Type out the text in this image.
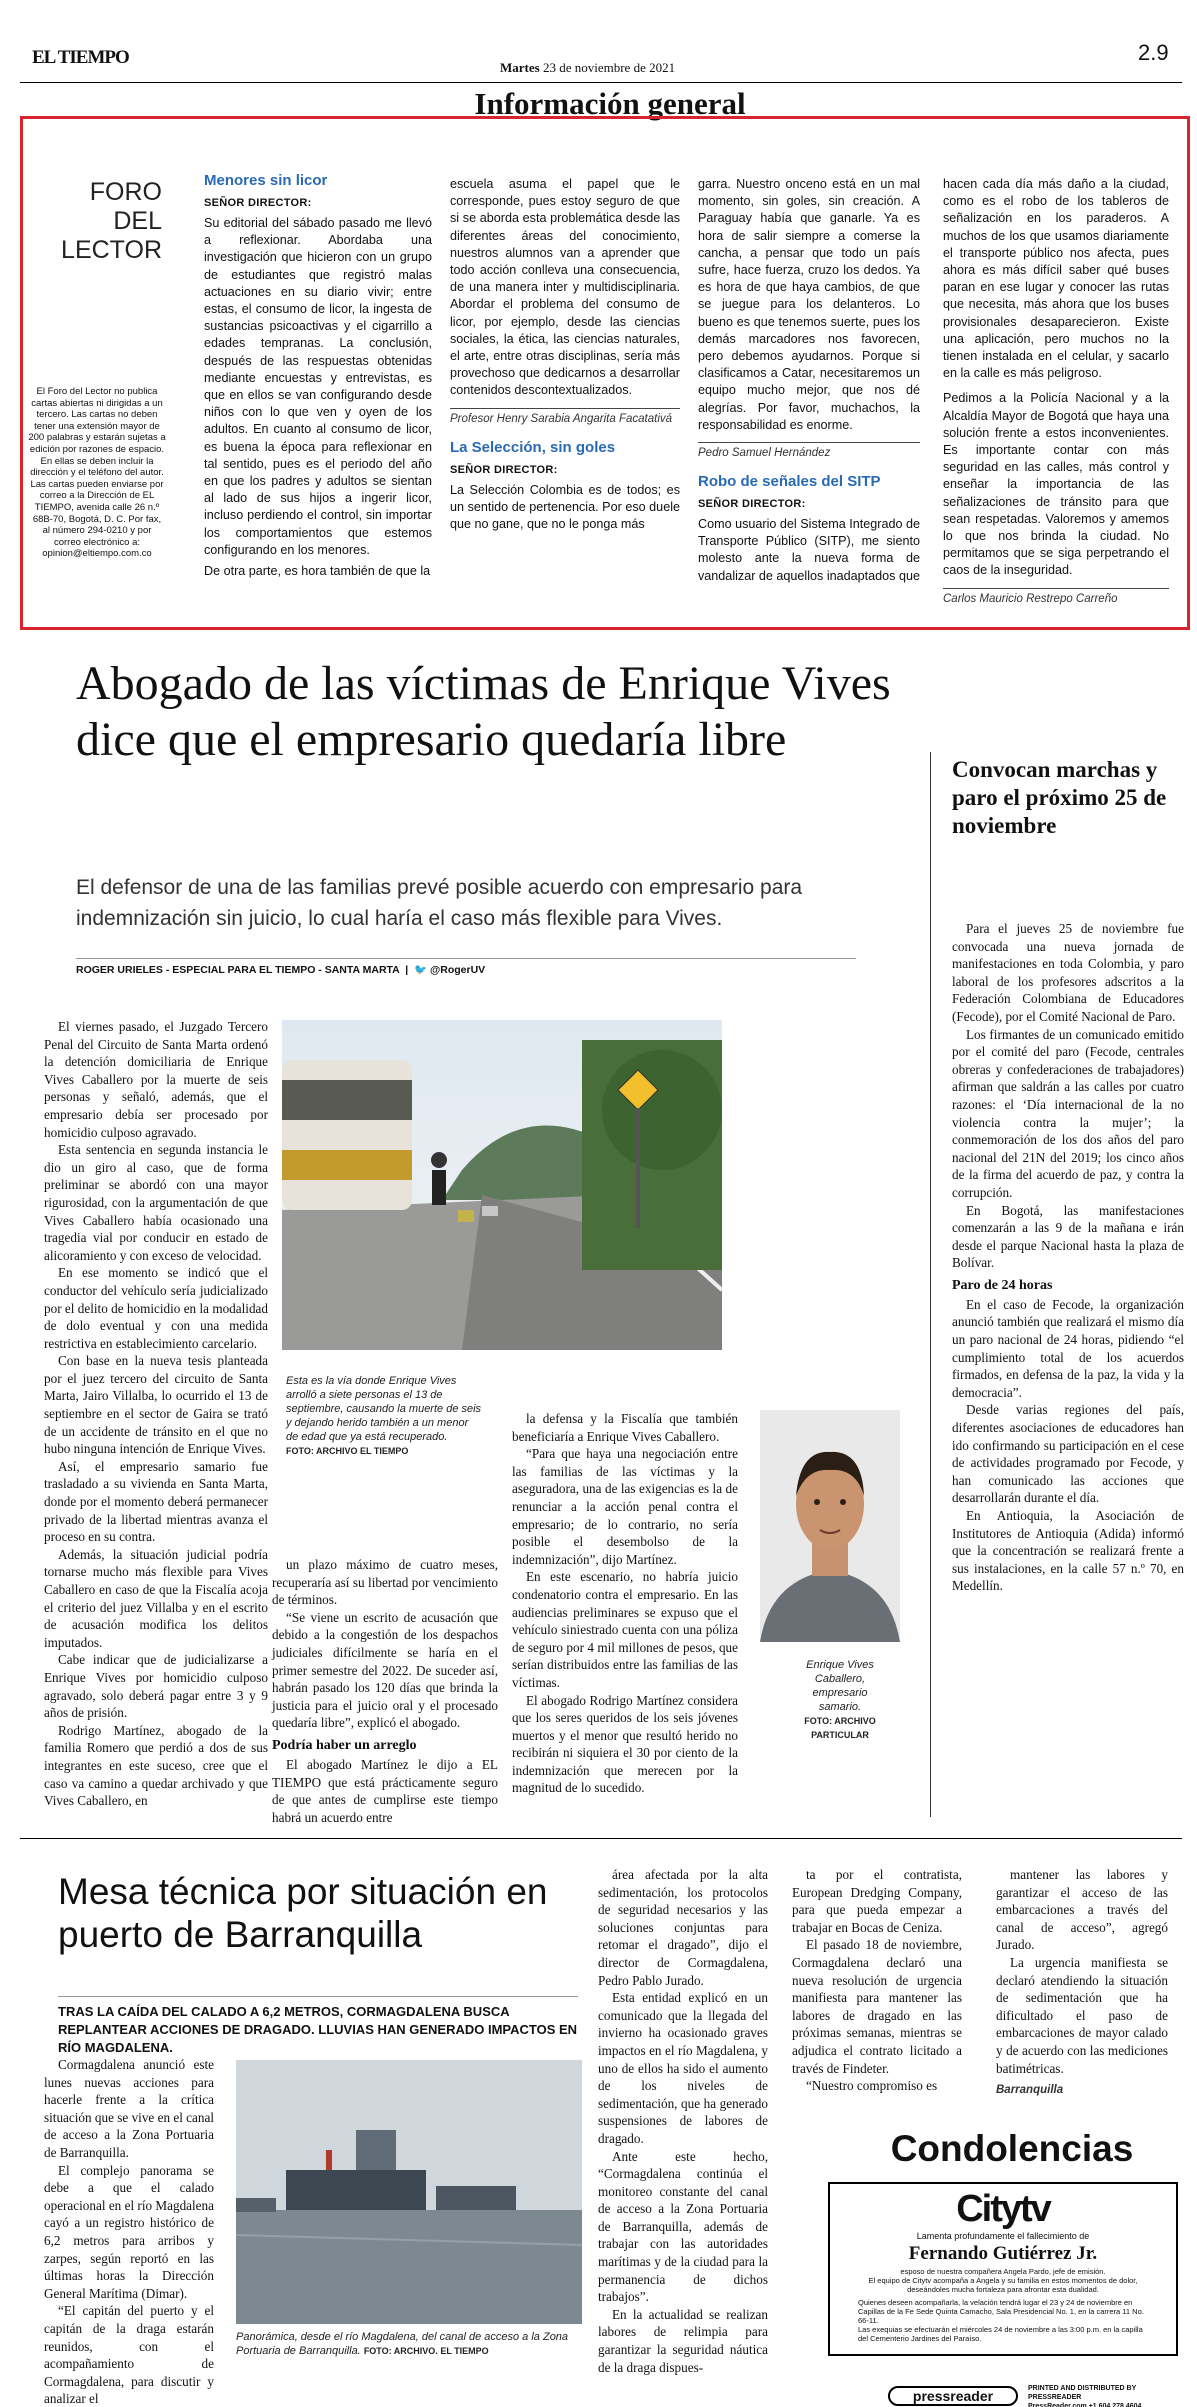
EL TIEMPO	Martes 23 de noviembre de 2021
2.9
Información general
FORO DEL
LECTOR
El Foro del Lector no publica cartas abiertas ni dirigidas a un tercero. Las cartas no deben tener una extensión mayor de 200 palabras y estarán sujetas a edición por razones de espacio. En ellas se deben incluir la dirección y el teléfono del autor. Las cartas pueden enviarse por correo a la Dirección de EL TIEMPO, avenida calle 26 n.º 68B-70, Bogotá, D. C. Por fax, al número 294-0210 y por correo electrónico a: opinion@eltiempo.com.co
Menores sin licor
SEÑOR DIRECTOR:

Su editorial del sábado pasado me llevó a reflexionar. Abordaba una investigación que hicieron con un grupo de estudiantes que registró malas actuaciones en su diario vivir; entre estas, el consumo de licor, la ingesta de sustancias psicoactivas y el cigarrillo a edades tempranas. La conclusión, después de las respuestas obtenidas mediante encuestas y entrevistas, es que en ellos se van configurando desde niños con lo que ven y oyen de los adultos. En cuanto al consumo de licor, es buena la época para reflexionar en tal sentido, pues es el periodo del año en que los padres y adultos se sientan al lado de sus hijos a ingerir licor, incluso perdiendo el control, sin importar los comportamientos que estemos configurando en los menores.

De otra parte, es hora también de que la

escuela asuma el papel que le corresponde, pues estoy seguro de que si se aborda esta problemática desde las diferentes áreas del conocimiento, nuestros alumnos van a aprender que todo acción conlleva una consecuencia, de una manera inter y multidisciplinaria. Abordar el problema del consumo de licor, por ejemplo, desde las ciencias sociales, la ética, las ciencias naturales, el arte, entre otras disciplinas, sería más provechoso que dedicarnos a desarrollar contenidos descontextualizados.

Profesor Henry Sarabia Angarita Facatativá
La Selección, sin goles
SEÑOR DIRECTOR:

La Selección Colombia es de todos; es un sentido de pertenencia. Por eso duele que no gane, que no le ponga más

garra. Nuestro onceno está en un mal momento, sin goles, sin creación. A Paraguay había que ganarle. Ya es hora de salir siempre a comerse la cancha, a pensar que todo un país sufre, hace fuerza, cruzo los dedos. Ya es hora de que haya cambios, de que se juegue para los delanteros. Lo bueno es que tenemos suerte, pues los demás marcadores nos favorecen, pero debemos ayudarnos. Porque si clasificamos a Catar, necesitaremos un equipo mucho mejor, que nos dé alegrías. Por favor, muchachos, la responsabilidad es enorme.

Pedro Samuel Hernández
Robo de señales del SITP
SEÑOR DIRECTOR:

Como usuario del Sistema Integrado de Transporte Público (SITP), me siento molesto ante la nueva forma de vandalizar de aquellos inadaptados que

hacen cada día más daño a la ciudad, como es el robo de los tableros de señalización en los paraderos. A muchos de los que usamos diariamente el transporte público nos afecta, pues ahora es más difícil saber qué buses paran en ese lugar y conocer las rutas que necesita, más ahora que los buses provisionales desaparecieron. Existe una aplicación, pero muchos no la tienen instalada en el celular, y sacarlo en la calle es más peligroso.

Pedimos a la Policía Nacional y a la Alcaldía Mayor de Bogotá que haya una solución frente a estos inconvenientes. Es importante contar con más seguridad en las calles, más control y enseñar la importancia de las señalizaciones de tránsito para que sean respetadas. Valoremos y amemos lo que nos brinda la ciudad. No permitamos que se siga perpetrando el caos de la inseguridad.

Carlos Mauricio Restrepo Carreño
Abogado de las víctimas de Enrique Vives dice que el empresario quedaría libre
El defensor de una de las familias prevé posible acuerdo con empresario para indemnización sin juicio, lo cual haría el caso más flexible para Vives.
ROGER URIELES - ESPECIAL PARA EL TIEMPO - SANTA MARTA  |  🐦 @RogerUV

El viernes pasado, el Juzgado Tercero Penal del Circuito de Santa Marta ordenó la detención domiciliaria de Enrique Vives Caballero por la muerte de seis personas y señaló, además, que el empresario debía ser procesado por homicidio culposo agravado.

Esta sentencia en segunda instancia le dio un giro al caso, que de forma preliminar se abordó con una mayor rigurosidad, con la argumentación de que Vives Caballero había ocasionado una tragedia vial por conducir en estado de alicoramiento y con exceso de velocidad.

En ese momento se indicó que el conductor del vehículo sería judicializado por el delito de homicidio en la modalidad de dolo eventual y con una medida restrictiva en establecimiento carcelario.

Con base en la nueva tesis planteada por el juez tercero del circuito de Santa Marta, Jairo Villalba, lo ocurrido el 13 de septiembre en el sector de Gaira se trató de un accidente de tránsito en el que no hubo ninguna intención de Enrique Vives.

Así, el empresario samario fue trasladado a su vivienda en Santa Marta, donde por el momento deberá permanecer privado de la libertad mientras avanza el proceso en su contra.

Además, la situación judicial podría tornarse mucho más flexible para Vives Caballero en caso de que la Fiscalía acoja el criterio del juez Villalba y en el escrito de acusación modifica los delitos imputados.

Cabe indicar que de judicializarse a Enrique Vives por homicidio culposo agravado, solo deberá pagar entre 3 y 9 años de prisión.

Rodrigo Martínez, abogado de la familia Romero que perdió a dos de sus integrantes en este suceso, cree que el caso va camino a quedar archivado y que Vives Caballero, en

Esta es la vía donde Enrique Vives arrolló a siete personas el 13 de septiembre, causando la muerte de seis y dejando herido también a un menor de edad que ya está recuperado.
FOTO: ARCHIVO EL TIEMPO

un plazo máximo de cuatro meses, recuperaría así su libertad por vencimiento de términos.

“Se viene un escrito de acusación que debido a la congestión de los despachos judiciales difícilmente se haría en el primer semestre del 2022. De suceder así, habrán pasado los 120 días que brinda la justicia para el juicio oral y el procesado quedaría libre”, explicó el abogado.

Podría haber un arreglo

El abogado Martínez le dijo a EL TIEMPO que está prácticamente seguro de que antes de cumplirse este tiempo habrá un acuerdo entre

la defensa y la Fiscalía que también beneficiaría a Enrique Vives Caballero.

“Para que haya una negociación entre las familias de las víctimas y la aseguradora, una de las exigencias es la de renunciar a la acción penal contra el empresario; de lo contrario, no sería posible el desembolso de la indemnización”, dijo Martínez.

En este escenario, no habría juicio condenatorio contra el empresario. En las audiencias preliminares se expuso que el vehículo siniestrado cuenta con una póliza de seguro por 4 mil millones de pesos, que serían distribuidos entre las familias de las víctimas.

El abogado Rodrigo Martínez considera que los seres queridos de los seis jóvenes muertos y el menor que resultó herido no recibirán ni siquiera el 30 por ciento de la indemnización que merecen por la magnitud de lo sucedido.

Enrique Vives Caballero, empresario samario.
FOTO: ARCHIVO PARTICULAR
Convocan marchas y paro el próximo 25 de noviembre

Para el jueves 25 de noviembre fue convocada una nueva jornada de manifestaciones en toda Colombia, y paro laboral de los profesores adscritos a la Federación Colombiana de Educadores (Fecode), por el Comité Nacional de Paro.

Los firmantes de un comunicado emitido por el comité del paro (Fecode, centrales obreras y confederaciones de trabajadores) afirman que saldrán a las calles por cuatro razones: el ‘Día internacional de la no violencia contra la mujer’; la conmemoración de los dos años del paro nacional del 21N del 2019; los cinco años de la firma del acuerdo de paz, y contra la corrupción.

En Bogotá, las manifestaciones comenzarán a las 9 de la mañana e irán desde el parque Nacional hasta la plaza de Bolívar.

Paro de 24 horas

En el caso de Fecode, la organización anunció también que realizará el mismo día un paro nacional de 24 horas, pidiendo “el cumplimiento total de los acuerdos firmados, en defensa de la paz, la vida y la democracia”.

Desde varias regiones del país, diferentes asociaciones de educadores han ido confirmando su participación en el cese de actividades programado por Fecode, y han comunicado las acciones que desarrollarán durante el día.

En Antioquia, la Asociación de Institutores de Antioquia (Adida) informó que la concentración se realizará frente a sus instalaciones, en la calle 57 n.º 70, en Medellín.

Mesa técnica por situación en puerto de Barranquilla
TRAS LA CAÍDA DEL CALADO A 6,2 METROS, CORMAGDALENA BUSCA REPLANTEAR ACCIONES DE DRAGADO. LLUVIAS HAN GENERADO IMPACTOS EN RÍO MAGDALENA.

Cormagdalena anunció este lunes nuevas acciones para hacerle frente a la crítica situación que se vive en el canal de acceso a la Zona Portuaria de Barranquilla.

El complejo panorama se debe a que el calado operacional en el río Magdalena cayó a un registro histórico de 6,2 metros para arribos y zarpes, según reportó en las últimas horas la Dirección General Marítima (Dimar).

“El capitán del puerto y el capitán de la draga estarán reunidos, con el acompañamiento de Cormagdalena, para discutir y analizar el

Panorámica, desde el río Magdalena, del canal de acceso a la Zona Portuaria de Barranquilla. FOTO: ARCHIVO. EL TIEMPO

área afectada por la alta sedimentación, los protocolos de seguridad necesarios y las soluciones conjuntas para retomar el dragado”, dijo el director de Cormagdalena, Pedro Pablo Jurado.

Esta entidad explicó en un comunicado que la llegada del invierno ha ocasionado graves impactos en el río Magdalena, y uno de ellos ha sido el aumento de los niveles de sedimentación, que ha generado suspensiones de labores de dragado.

Ante este hecho, “Cormagdalena continúa el monitoreo constante del canal de acceso a la Zona Portuaria de Barranquilla, además de trabajar con las autoridades marítimas y de la ciudad para la permanencia de dichos trabajos”.

En la actualidad se realizan labores de relimpia para garantizar la seguridad náutica de la draga dispues-

ta por el contratista, European Dredging Company, para que pueda empezar a trabajar en Bocas de Ceniza.

El pasado 18 de noviembre, Cormagdalena declaró una nueva resolución de urgencia manifiesta para mantener las labores de dragado en las próximas semanas, mientras se adjudica el contrato licitado a través de Findeter.

“Nuestro compromiso es

mantener las labores y garantizar el acceso de las embarcaciones a través del canal de acceso”, agregó Jurado.

La urgencia manifiesta se declaró atendiendo la situación de sedimentación que ha dificultado el paso de embarcaciones de mayor calado y de acuerdo con las mediciones batimétricas.

Barranquilla
Condolencias
Citytv
Lamenta profundamente el fallecimiento de
Fernando Gutiérrez Jr.
esposo de nuestra compañera Angela Pardo, jefe de emisión.
El equipo de Citytv acompaña a Angela y su familia en estos momentos de dolor, deseándoles mucha fortaleza para afrontar esta dualidad.
Quienes deseen acompañarla, la velación tendrá lugar el 23 y 24 de noviembre en Capillas de la Fe Sede Quinta Camacho, Sala Presidencial No. 1, en la carrera 11 No. 66-11.
Las exequias se efectuarán el miércoles 24 de noviembre a las 3:00 p.m. en la capilla del Cementerio Jardines del Paraíso.
pressreader	PRINTED AND DISTRIBUTED BY PRESSREADER
PressReader.com +1 604 278 4604
